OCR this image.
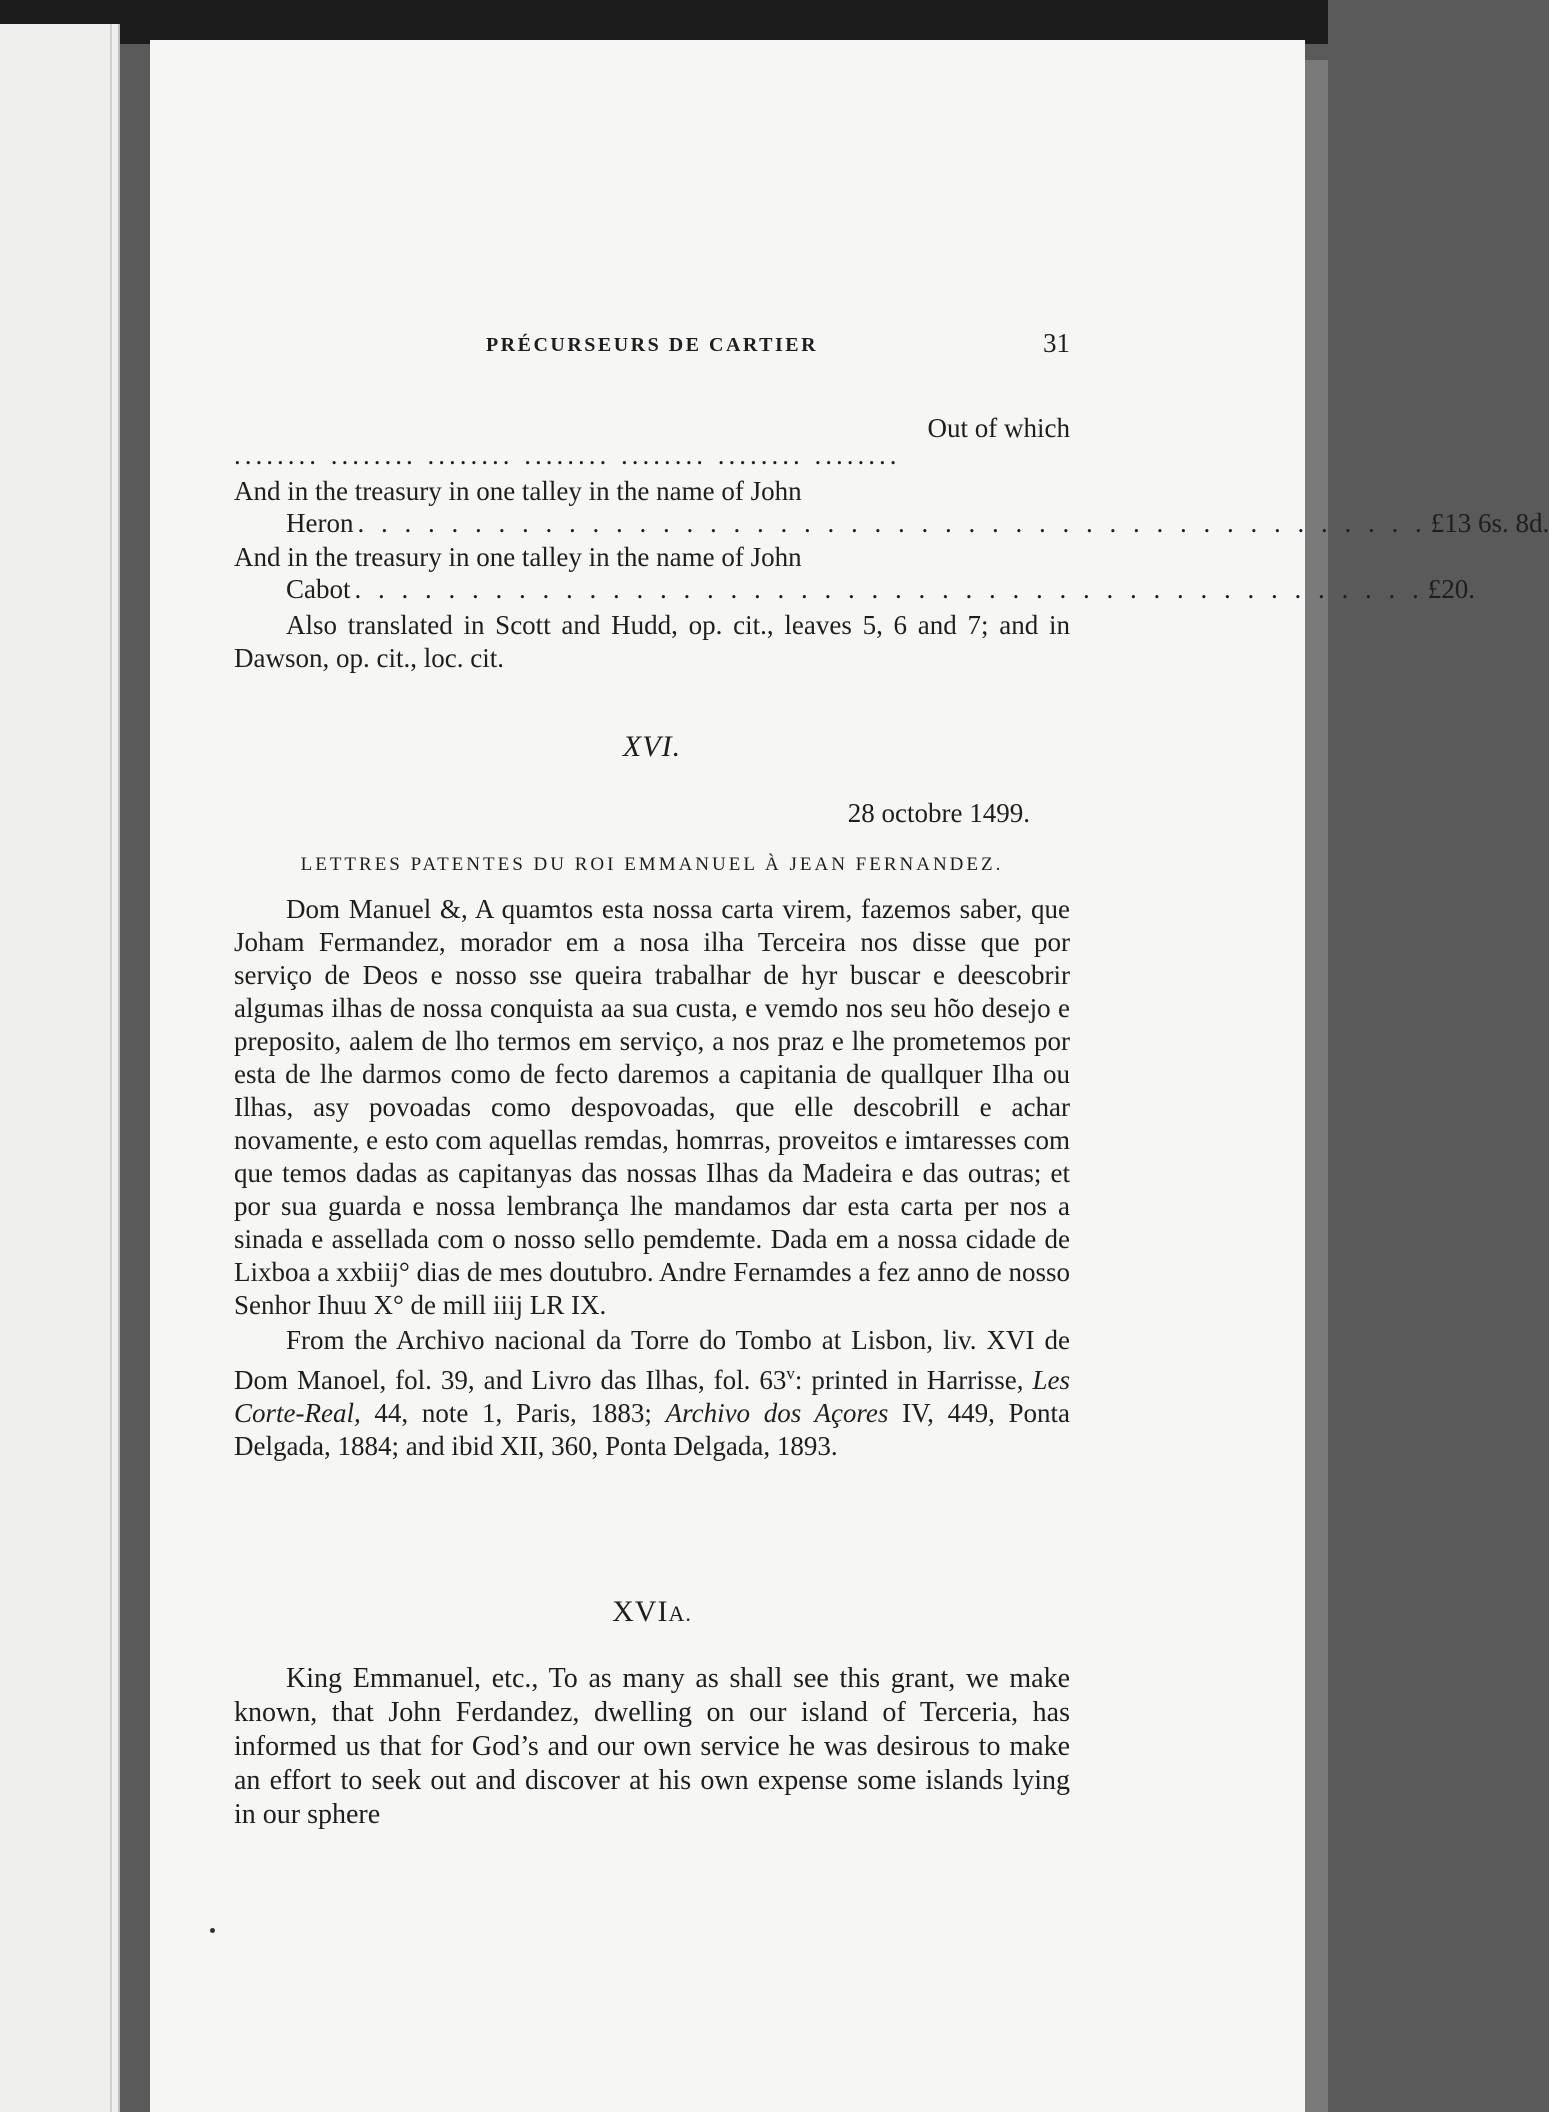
PRÉCURSEURS DE CARTIER	31

Out of which

........ ........ ........ ........ ........ ........ ........

And in the treasury in one talley in the name of John

Heron . . . . . . . . . . . . . . . . . . . . . . . . . . . . . . . . . . . . . . . . . . . . . . £13 6s. 8d.

And in the treasury in one talley in the name of John

Cabot . . . . . . . . . . . . . . . . . . . . . . . . . . . . . . . . . . . . . . . . . . . . . . £20.

Also translated in Scott and Hudd, op. cit., leaves 5, 6 and 7; and in Dawson, op. cit., loc. cit.

XVI.

28 octobre 1499.

LETTRES PATENTES DU ROI EMMANUEL À JEAN FERNANDEZ.

Dom Manuel &, A quamtos esta nossa carta virem, fazemos saber, que Joham Fermandez, morador em a nosa ilha Terceira nos disse que por serviço de Deos e nosso sse queira trabalhar de hyr buscar e deescobrir algumas ilhas de nossa conquista aa sua custa, e vemdo nos seu hõo desejo e preposito, aalem de lho termos em serviço, a nos praz e lhe prometemos por esta de lhe darmos como de fecto daremos a capitania de quallquer Ilha ou Ilhas, asy povoadas como despovoadas, que elle descobrill e achar novamente, e esto com aquellas remdas, homrras, proveitos e imtaresses com que temos dadas as capitanyas das nossas Ilhas da Madeira e das outras; et por sua guarda e nossa lembrança lhe mandamos dar esta carta per nos a sinada e assellada com o nosso sello pemdemte. Dada em a nossa cidade de Lixboa a xxbiij° dias de mes doutubro. Andre Fernamdes a fez anno de nosso Senhor Ihuu X° de mill iiij LR IX.

From the Archivo nacional da Torre do Tombo at Lisbon, liv. XVI de Dom Manoel, fol. 39, and Livro das Ilhas, fol. 63$^v$: printed in Harrisse, Les Corte-Real, 44, note 1, Paris, 1883; Archivo dos Açores IV, 449, Ponta Delgada, 1884; and ibid XII, 360, Ponta Delgada, 1893.

XVIA.

King Emmanuel, etc., To as many as shall see this grant, we make known, that John Ferdandez, dwelling on our island of Terceria, has informed us that for God’s and our own service he was desirous to make an effort to seek out and discover at his own expense some islands lying in our sphere
